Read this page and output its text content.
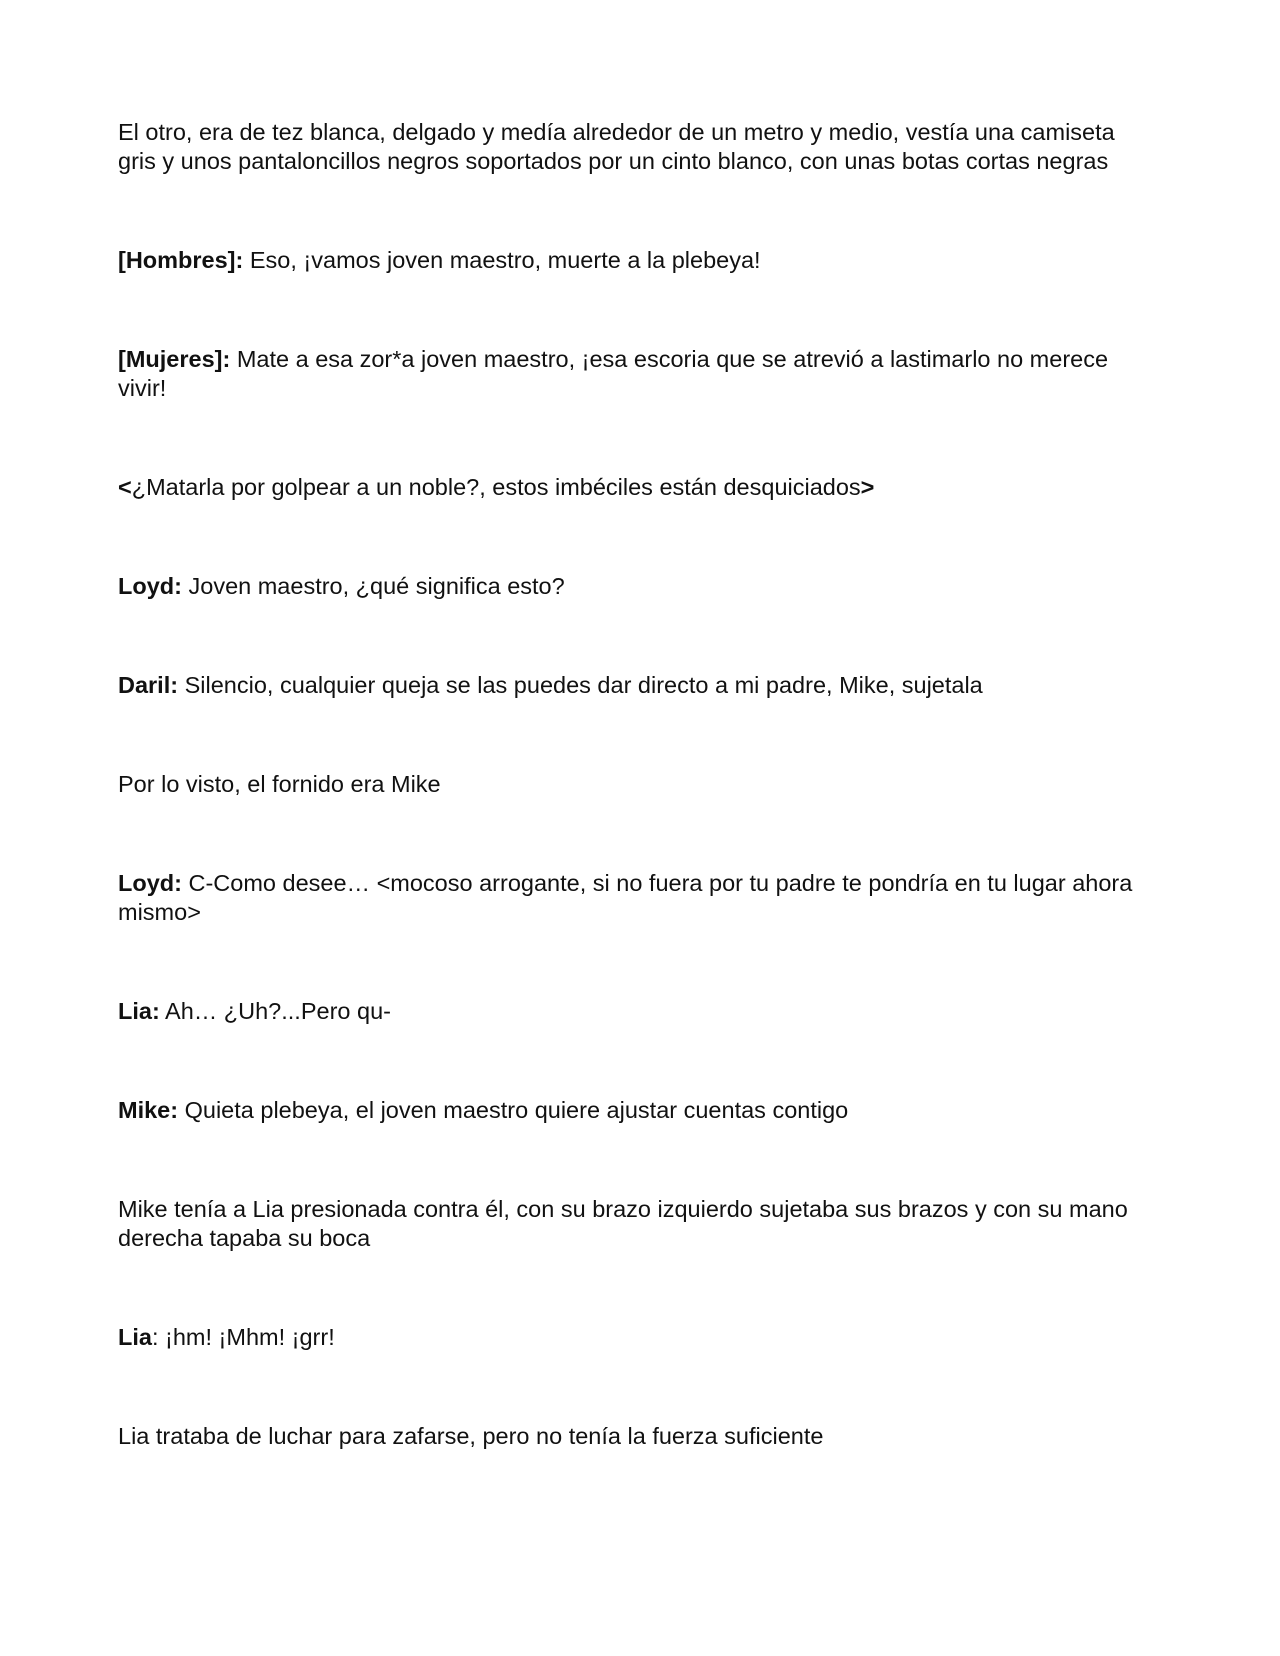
El otro, era de tez blanca, delgado y medía alrededor de un metro y medio, vestía una camiseta gris y unos pantaloncillos negros soportados por un cinto blanco, con unas botas cortas negras

[Hombres]: Eso, ¡vamos joven maestro, muerte a la plebeya!

[Mujeres]: Mate a esa zor*a joven maestro, ¡esa escoria que se atrevió a lastimarlo no merece vivir!

<¿Matarla por golpear a un noble?, estos imbéciles están desquiciados>

Loyd: Joven maestro, ¿qué significa esto?

Daril: Silencio, cualquier queja se las puedes dar directo a mi padre, Mike, sujetala

Por lo visto, el fornido era Mike

Loyd: C-Como desee… <mocoso arrogante, si no fuera por tu padre te pondría en tu lugar ahora mismo>

Lia: Ah… ¿Uh?...Pero qu-

Mike: Quieta plebeya, el joven maestro quiere ajustar cuentas contigo

Mike tenía a Lia presionada contra él, con su brazo izquierdo sujetaba sus brazos y con su mano derecha tapaba su boca

Lia: ¡hm! ¡Mhm! ¡grr!

Lia trataba de luchar para zafarse, pero no tenía la fuerza suficiente
